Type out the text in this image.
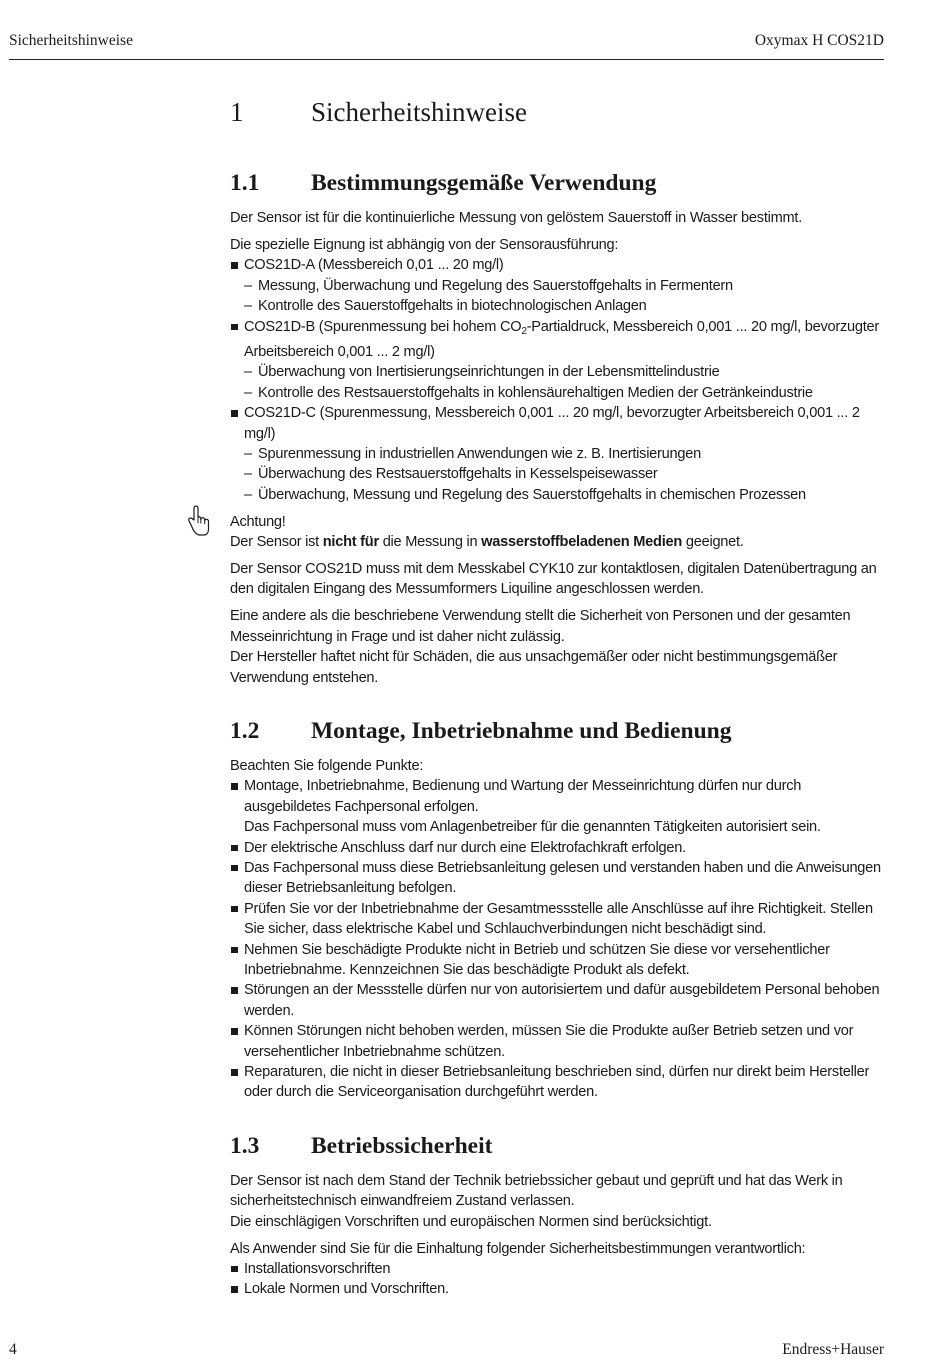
Sicherheitshinweise	Oxymax H COS21D
1	Sicherheitshinweise
1.1	Bestimmungsgemäße Verwendung

Der Sensor ist für die kontinuierliche Messung von gelöstem Sauerstoff in Wasser bestimmt.

Die spezielle Eignung ist abhängig von der Sensorausführung:

COS21D-A (Messbereich 0,01 ... 20 mg/l)
– Messung, Überwachung und Regelung des Sauerstoffgehalts in Fermentern
– Kontrolle des Sauerstoffgehalts in biotechnologischen Anlagen
COS21D-B (Spurenmessung bei hohem $CO_2$-Partialdruck, Messbereich 0,001 ... 20 mg/l, bevorzugter Arbeitsbereich 0,001 ... 2 mg/l)
– Überwachung von Inertisierungseinrichtungen in der Lebensmittelindustrie
– Kontrolle des Restsauerstoffgehalts in kohlensäurehaltigen Medien der Getränkeindustrie
COS21D-C (Spurenmessung, Messbereich 0,001 ... 20 mg/l, bevorzugter Arbeitsbereich 0,001 ... 2 mg/l)
– Spurenmessung in industriellen Anwendungen wie z. B. Inertisierungen
– Überwachung des Restsauerstoffgehalts in Kesselspeisewasser
– Überwachung, Messung und Regelung des Sauerstoffgehalts in chemischen Prozessen
Achtung!
Der Sensor ist nicht für die Messung in wasserstoffbeladenen Medien geeignet.

Der Sensor COS21D muss mit dem Messkabel CYK10 zur kontaktlosen, digitalen Datenübertragung an den digitalen Eingang des Messumformers Liquiline angeschlossen werden.

Eine andere als die beschriebene Verwendung stellt die Sicherheit von Personen und der gesamten Messeinrichtung in Frage und ist daher nicht zulässig.

Der Hersteller haftet nicht für Schäden, die aus unsachgemäßer oder nicht bestimmungsgemäßer Verwendung entstehen.

1.2	Montage, Inbetriebnahme und Bedienung

Beachten Sie folgende Punkte:

Montage, Inbetriebnahme, Bedienung und Wartung der Messeinrichtung dürfen nur durch ausgebildetes Fachpersonal erfolgen.
Das Fachpersonal muss vom Anlagenbetreiber für die genannten Tätigkeiten autorisiert sein.
Der elektrische Anschluss darf nur durch eine Elektrofachkraft erfolgen.
Das Fachpersonal muss diese Betriebsanleitung gelesen und verstanden haben und die Anweisungen dieser Betriebsanleitung befolgen.
Prüfen Sie vor der Inbetriebnahme der Gesamtmessstelle alle Anschlüsse auf ihre Richtigkeit. Stellen Sie sicher, dass elektrische Kabel und Schlauchverbindungen nicht beschädigt sind.
Nehmen Sie beschädigte Produkte nicht in Betrieb und schützen Sie diese vor versehentlicher Inbetriebnahme. Kennzeichnen Sie das beschädigte Produkt als defekt.
Störungen an der Messstelle dürfen nur von autorisiertem und dafür ausgebildetem Personal behoben werden.
Können Störungen nicht behoben werden, müssen Sie die Produkte außer Betrieb setzen und vor versehentlicher Inbetriebnahme schützen.
Reparaturen, die nicht in dieser Betriebsanleitung beschrieben sind, dürfen nur direkt beim Hersteller oder durch die Serviceorganisation durchgeführt werden.
1.3	Betriebssicherheit

Der Sensor ist nach dem Stand der Technik betriebssicher gebaut und geprüft und hat das Werk in sicherheitstechnisch einwandfreiem Zustand verlassen.

Die einschlägigen Vorschriften und europäischen Normen sind berücksichtigt.

Als Anwender sind Sie für die Einhaltung folgender Sicherheitsbestimmungen verantwortlich:

Installationsvorschriften
Lokale Normen und Vorschriften.
4	Endress+Hauser
